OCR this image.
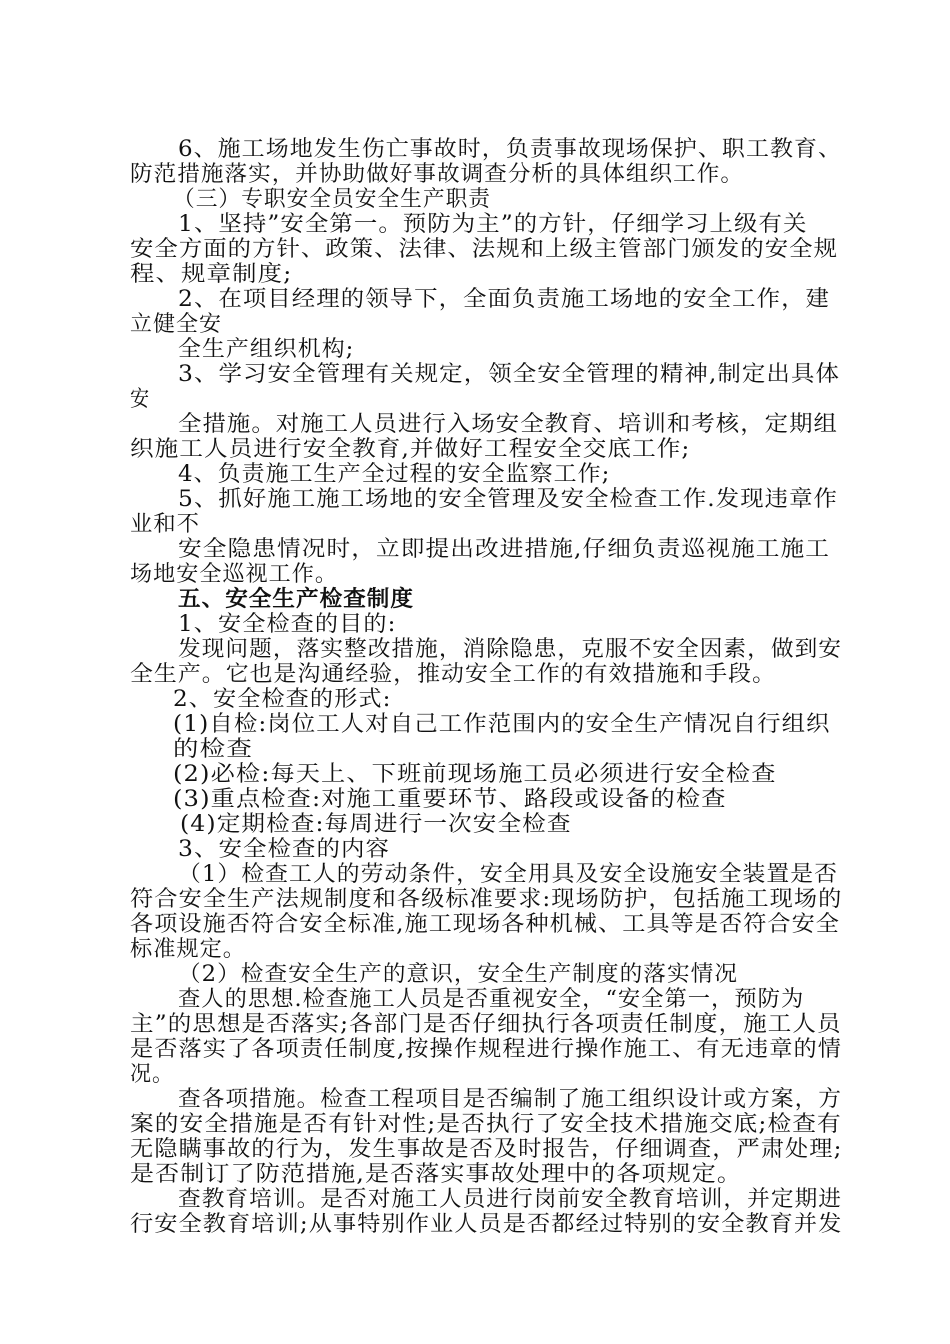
6、施工场地发生伤亡事故时，负责事故现场保护、职工教育、
防范措施落实，并协助做好事故调查分析的具体组织工作。
（三）专职安全员安全生产职责
1、坚持”安全第一。预防为主”的方针，仔细学习上级有关
安全方面的方针、政策、法律、法规和上级主管部门颁发的安全规
程、规章制度;
2、在项目经理的领导下，全面负责施工场地的安全工作，建
立健全安
全生产组织机构;
3、学习安全管理有关规定，领全安全管理的精神,制定出具体
安
全措施。对施工人员进行入场安全教育、培训和考核，定期组
织施工人员进行安全教育,并做好工程安全交底工作;
4、负责施工生产全过程的安全监察工作;
5、抓好施工施工场地的安全管理及安全检查工作.发现违章作
业和不
安全隐患情况时，立即提出改进措施,仔细负责巡视施工施工
场地安全巡视工作。
五、安全生产检查制度
1、安全检查的目的:
发现问题，落实整改措施，消除隐患，克服不安全因素，做到安
全生产。它也是沟通经验，推动安全工作的有效措施和手段。
2、安全检查的形式:
(1)自检:岗位工人对自己工作范围内的安全生产情况自行组织
的检查
(2)必检:每天上、下班前现场施工员必须进行安全检查
(3)重点检查:对施工重要环节、路段或设备的检查
(4)定期检查:每周进行一次安全检查
3、安全检查的内容
（1）检查工人的劳动条件，安全用具及安全设施安全装置是否
符合安全生产法规制度和各级标准要求:现场防护，包括施工现场的
各项设施否符合安全标准,施工现场各种机械、工具等是否符合安全
标准规定。
（2）检查安全生产的意识，安全生产制度的落实情况
查人的思想.检查施工人员是否重视安全，“安全第一，预防为
主”的思想是否落实;各部门是否仔细执行各项责任制度，施工人员
是否落实了各项责任制度,按操作规程进行操作施工、有无违章的情
况。
查各项措施。检查工程项目是否编制了施工组织设计或方案，方
案的安全措施是否有针对性;是否执行了安全技术措施交底;检查有
无隐瞒事故的行为，发生事故是否及时报告，仔细调查，严肃处理;
是否制订了防范措施,是否落实事故处理中的各项规定。
查教育培训。是否对施工人员进行岗前安全教育培训，并定期进
行安全教育培训;从事特别作业人员是否都经过特别的安全教育并发
